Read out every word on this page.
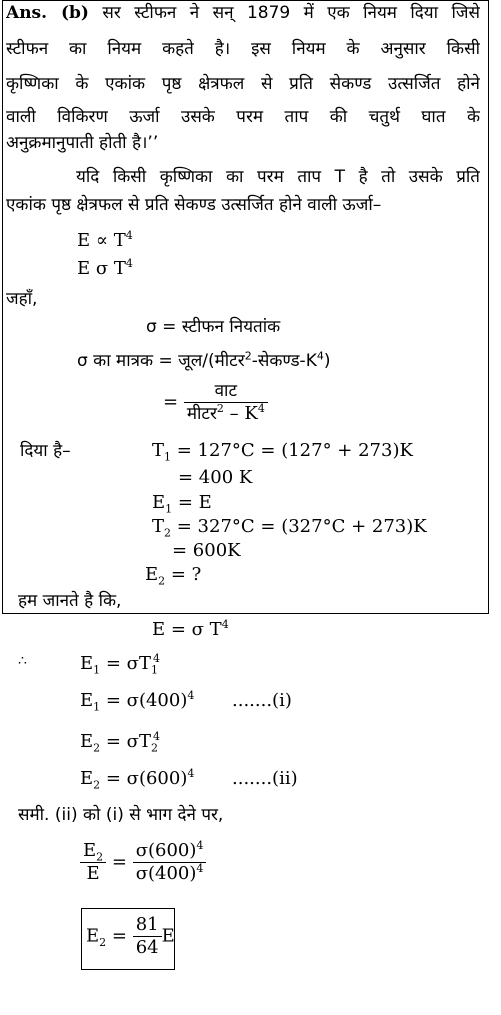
Ans. (b) सर स्टीफन ने सन् 1879 में एक नियम दिया जिसे
स्टीफन का नियम कहते है। इस नियम के अनुसार किसी
कृष्णिका के एकांक पृष्ठ क्षेत्रफल से प्रति सेकण्ड उत्सर्जित होने
वाली विकिरण ऊर्जा उसके परम ताप की चतुर्थ घात के
अनुक्रमानुपाती होती है।’’
यदि किसी कृष्णिका का परम ताप T है तो उसके प्रति
एकांक पृष्ठ क्षेत्रफल से प्रति सेकण्ड उत्सर्जित होने वाली ऊर्जा–
$E \propto T^4$
E σ $T^4$
जहाँ,
σ = स्टीफन नियतांक
σ का मात्रक = $जूल/(मीटर^2-सेकण्ड-K^4)$
= $\frac{\text{वाट}}{मीटर^2 - K^4}$
दिया है–	$T_1 = 127^\circ C = (127^\circ + 273)K$
= 400 K
$E_1 = E$
$T_2 = 327^\circ C = (327^\circ C + 273)K$
= 600K
$E_2$ = ?
हम जानते है कि,
E = σ $T^4$
∴	$E_1 = \sigma T_1^4$
$E_1 = \sigma(400)^4$ .......(i)
$E_2 = \sigma T_2^4$
$E_2 = \sigma(600)^4$ .......(ii)
समी. (ii) को (i) से भाग देने पर,
$\frac{E_2}{E} = \frac{\sigma(600)^4}{\sigma(400)^4}$
$E_2 = \frac{81}{64}$ E
